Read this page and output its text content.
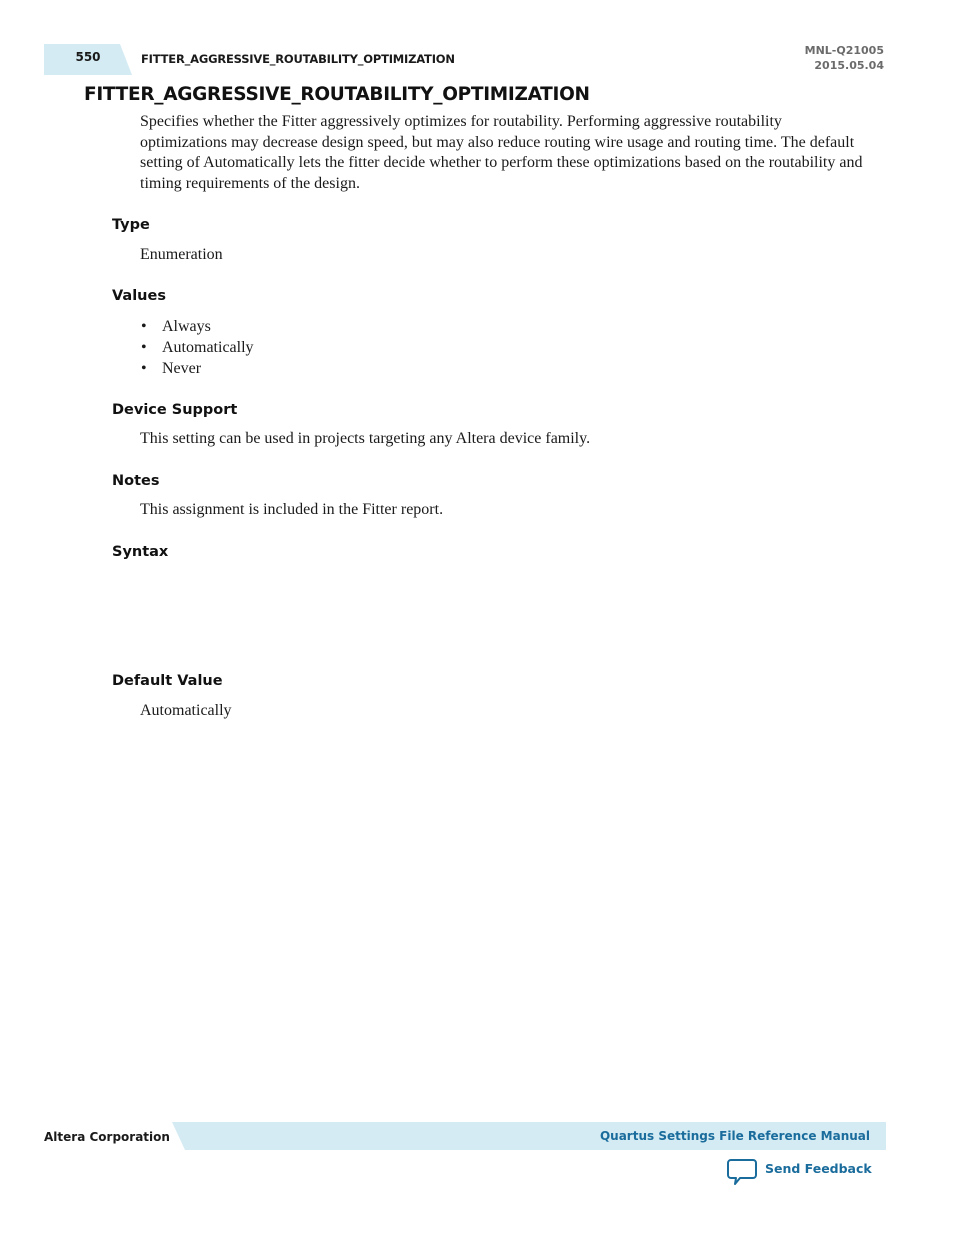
550	FITTER_AGGRESSIVE_ROUTABILITY_OPTIMIZATION
MNL-Q21005
2015.05.04
FITTER_AGGRESSIVE_ROUTABILITY_OPTIMIZATION

Specifies whether the Fitter aggressively optimizes for routability. Performing aggressive routability optimizations may decrease design speed, but may also reduce routing wire usage and routing time. The default setting of Automatically lets the fitter decide whether to perform these optimizations based on the routability and timing requirements of the design.

Type

Enumeration

Values
• Always
• Automatically
• Never
Device Support

This setting can be used in projects targeting any Altera device family.

Notes

This assignment is included in the Fitter report.

Syntax
Default Value

Automatically

Altera Corporation	Quartus Settings File Reference Manual
Send Feedback
